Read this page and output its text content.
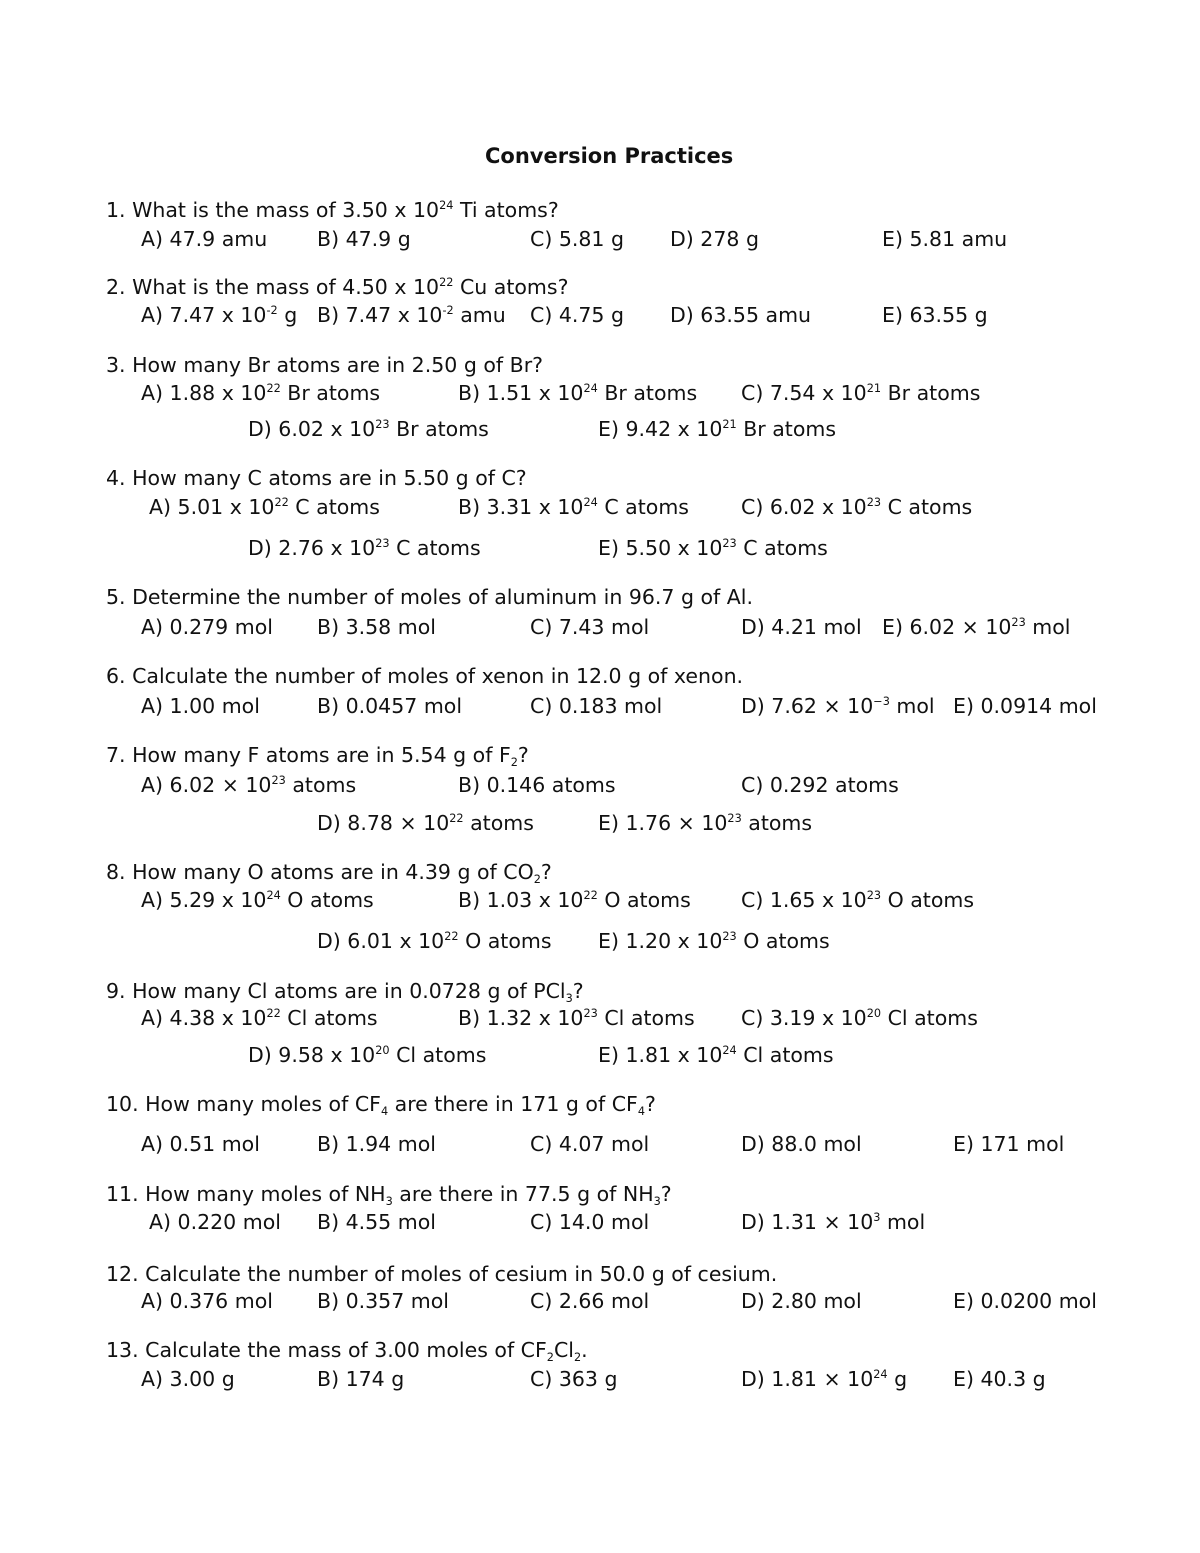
Conversion Practices
1. What is the mass of 3.50 x $10^{24}$ Ti atoms?
A) 47.9 amu B) 47.9 g	C) 5.81 g D) 278 g	E) 5.81 amu
2. What is the mass of 4.50 x $10^{22}$ Cu atoms?
A) 7.47 x $10^{-2}$ g B) 7.47 x $10^{-2}$ amu C) 4.75 g D) 63.55 amu	E) 63.55 g
3. How many Br atoms are in 2.50 g of Br?
A) 1.88 x $10^{22}$ Br atoms	B) 1.51 x $10^{24}$ Br atoms C) 7.54 x $10^{21}$ Br atoms
D) 6.02 x $10^{23}$ Br atoms	E) 9.42 x $10^{21}$ Br atoms
4. How many C atoms are in 5.50 g of C?
A) 5.01 x $10^{22}$ C atoms	B) 3.31 x $10^{24}$ C atoms	C) 6.02 x $10^{23}$ C atoms
D) 2.76 x $10^{23}$ C atoms	E) 5.50 x $10^{23}$ C atoms
5. Determine the number of moles of aluminum in 96.7 g of Al.
A) 0.279 mol B) 3.58 mol	C) 7.43 mol	D) 4.21 mol E) $6.02 \times 10^{23}$ mol
6. Calculate the number of moles of xenon in 12.0 g of xenon.
A) 1.00 mol	B) 0.0457 mol	C) 0.183 mol	D) $7.62 \times 10^{-3}$ mol E) 0.0914 mol
7. How many F atoms are in 5.54 g of $F_2$?
A) $6.02 \times 10^{23}$ atoms	B) 0.146 atoms	C) 0.292 atoms
D) $8.78 \times 10^{22}$ atoms	E) $1.76 \times 10^{23}$ atoms
8. How many O atoms are in 4.39 g of $CO_2$?
A) 5.29 x $10^{24}$ O atoms	B) 1.03 x $10^{22}$ O atoms C) 1.65 x $10^{23}$ O atoms
D) 6.01 x $10^{22}$ O atoms E) 1.20 x $10^{23}$ O atoms
9. How many Cl atoms are in 0.0728 g of PCl$_3$?
A) 4.38 x $10^{22}$ Cl atoms	B) 1.32 x $10^{23}$ Cl atoms C) 3.19 x $10^{20}$ Cl atoms
D) 9.58 x $10^{20}$ Cl atoms	E) 1.81 x $10^{24}$ Cl atoms
10. How many moles of $CF_4$ are there in 171 g of $CF_4$?
A) 0.51 mol	B) 1.94 mol	C) 4.07 mol	D) 88.0 mol	E) 171 mol
11. How many moles of $NH_3$ are there in 77.5 g of $NH_3$?
A) 0.220 mol B) 4.55 mol	C) 14.0 mol	D) $1.31 \times 10^3$ mol
12. Calculate the number of moles of cesium in 50.0 g of cesium.
A) 0.376 mol B) 0.357 mol	C) 2.66 mol	D) 2.80 mol	E) 0.0200 mol
13. Calculate the mass of 3.00 moles of $CF_2Cl_2$.
A) 3.00 g	B) 174 g	C) 363 g	D) $1.81 \times 10^{24}$ g E) 40.3 g
